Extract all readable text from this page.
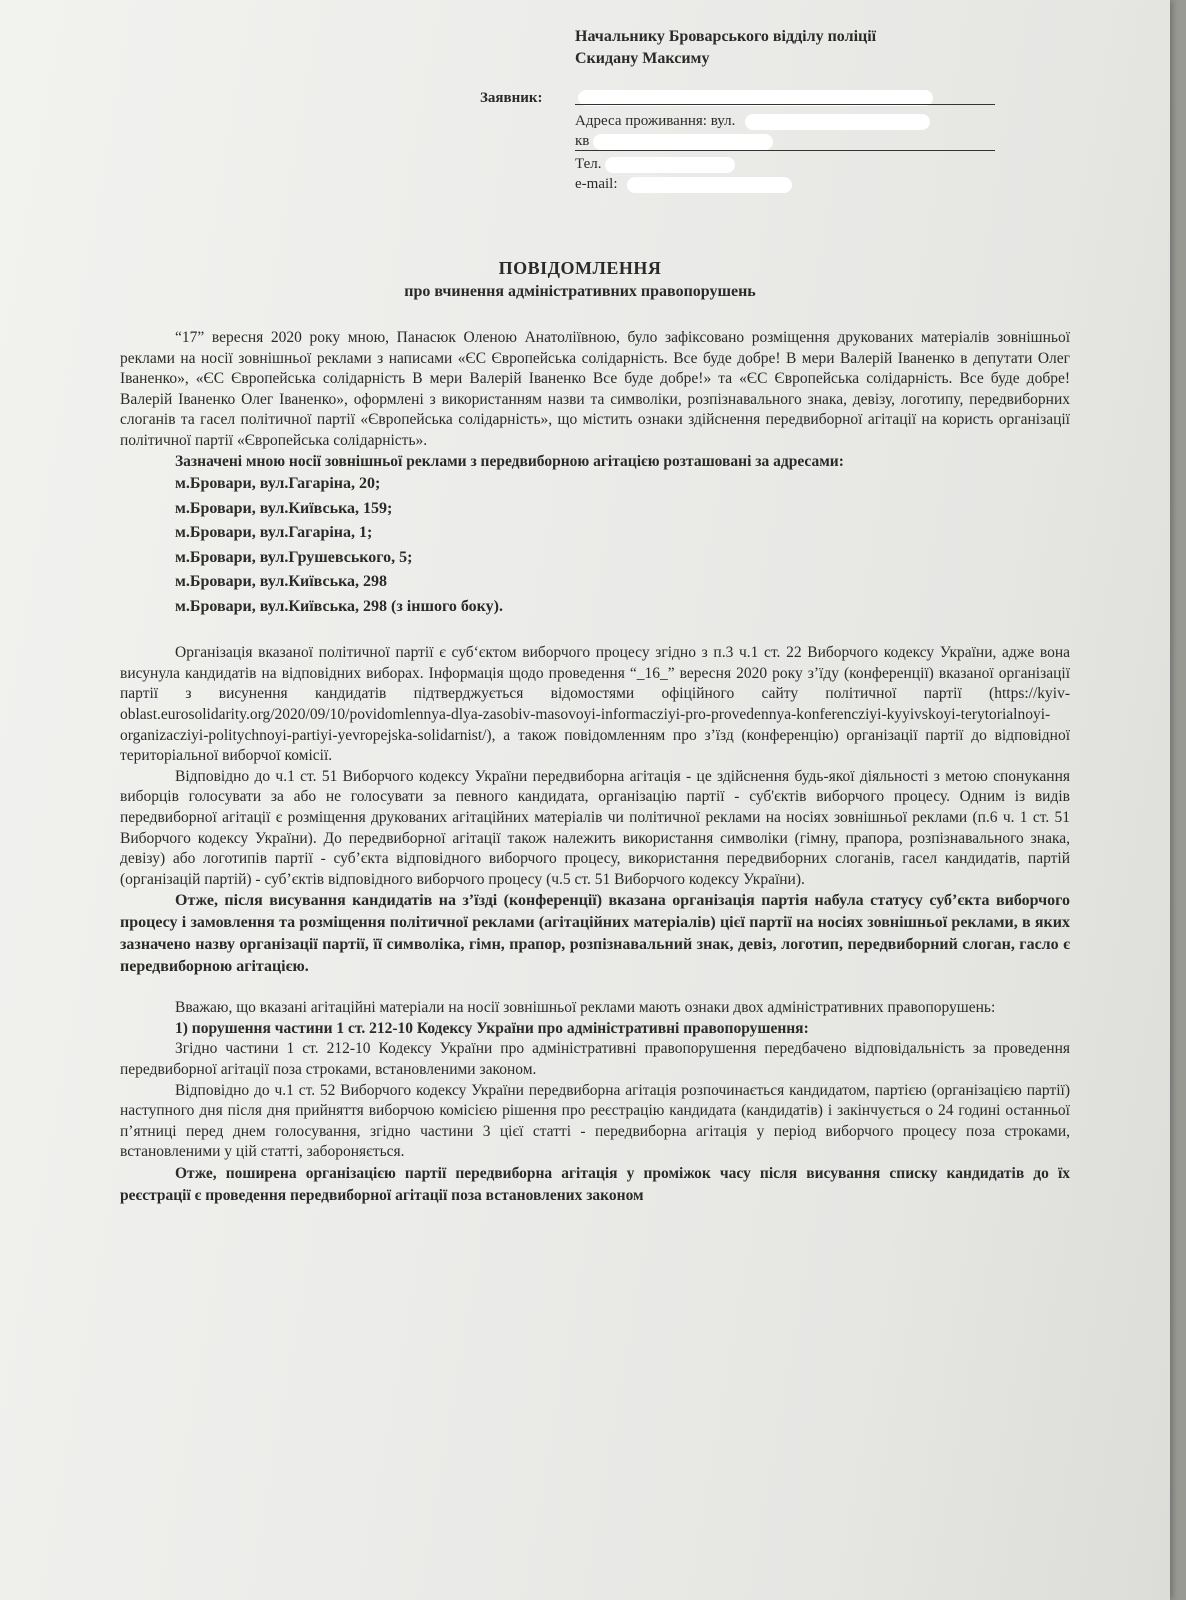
Начальнику Броварського відділу поліції
Скидану Максиму
Заявник:
Адреса проживання: вул.
кв
Тел.
e-mail:
ПОВІДОМЛЕННЯ
про вчинення адміністративних правопорушень

“17” вересня 2020 року мною, Панасюк Оленою Анатоліївною, було зафіксовано розміщення друкованих матеріалів зовнішньої реклами на носії зовнішньої реклами з написами «ЄС Європейська солідарність. Все буде добре! В мери Валерій Іваненко в депутати Олег Іваненко», «ЄС Європейська солідарність В мери Валерій Іваненко Все буде добре!» та «ЄС Європейська солідарність. Все буде добре! Валерій Іваненко Олег Іваненко», оформлені з використанням назви та символіки, розпізнавального знака, девізу, логотипу, передвиборних слоганів та гасел політичної партії «Європейська солідарність», що містить ознаки здійснення передвиборної агітації на користь організації політичної партії «Європейська солідарність».

Зазначені мною носії зовнішньої реклами з передвиборною агітацією розташовані за адресами:

м.Бровари, вул.Гагаріна, 20;
м.Бровари, вул.Київська, 159;
м.Бровари, вул.Гагаріна, 1;
м.Бровари, вул.Грушевського, 5;
м.Бровари, вул.Київська, 298
м.Бровари, вул.Київська, 298 (з іншого боку).

Організація вказаної політичної партії є суб‘єктом виборчого процесу згідно з п.3 ч.1 ст. 22 Виборчого кодексу України, адже вона висунула кандидатів на відповідних виборах. Інформація щодо проведення “_16_” вересня 2020 року з’їду (конференції) вказаної організації партії з висунення кандидатів підтверджується відомостями офіційного сайту політичної партії (https://kyiv-oblast.eurosolidarity.org/2020/09/10/povidomlennya-dlya-zasobiv-masovoyi-informacziyi-pro-provedennya-konferencziyi-kyyivskoyi-terytorialnoyi-organizacziyi-politychnoyi-partiyi-yevropejska-solidarnist/), а також повідомленням про з’їзд (конференцію) організації партії до відповідної територіальної виборчої комісії.

Відповідно до ч.1 ст. 51 Виборчого кодексу України передвиборна агітація - це здійснення будь-якої діяльності з метою спонукання виборців голосувати за або не голосувати за певного кандидата, організацію партії - суб'єктів виборчого процесу. Одним із видів передвиборної агітації є розміщення друкованих агітаційних матеріалів чи політичної реклами на носіях зовнішньої реклами (п.6 ч. 1 ст. 51 Виборчого кодексу України). До передвиборної агітації також належить використання символіки (гімну, прапора, розпізнавального знака, девізу) або логотипів партії - суб’єкта відповідного виборчого процесу, використання передвиборних слоганів, гасел кандидатів, партій (організацій партій) - суб’єктів відповідного виборчого процесу (ч.5 ст. 51 Виборчого кодексу України).

Отже, після висування кандидатів на з’їзді (конференції) вказана організація партія набула статусу суб’єкта виборчого процесу і замовлення та розміщення політичної реклами (агітаційних матеріалів) цієї партії на носіях зовнішньої реклами, в яких зазначено назву організації партії, її символіка, гімн, прапор, розпізнавальний знак, девіз, логотип, передвиборний слоган, гасло є передвиборною агітацією.

Вважаю, що вказані агітаційні матеріали на носії зовнішньої реклами мають ознаки двох адміністративних правопорушень:

1) порушення частини 1 ст. 212-10 Кодексу України про адміністративні правопорушення:

Згідно частини 1 ст. 212-10 Кодексу України про адміністративні правопорушення передбачено відповідальність за проведення передвиборної агітації поза строками, встановленими законом.

Відповідно до ч.1 ст. 52 Виборчого кодексу України передвиборна агітація розпочинається кандидатом, партією (організацією партії) наступного дня після дня прийняття виборчою комісією рішення про реєстрацію кандидата (кандидатів) і закінчується о 24 годині останньої п’ятниці перед днем голосування, згідно частини 3 цієї статті - передвиборна агітація у період виборчого процесу поза строками, встановленими у цій статті, забороняється.

Отже, поширена організацією партії передвиборна агітація у проміжок часу після висування списку кандидатів до їх реєстрації є проведення передвиборної агітації поза встановлених законом
